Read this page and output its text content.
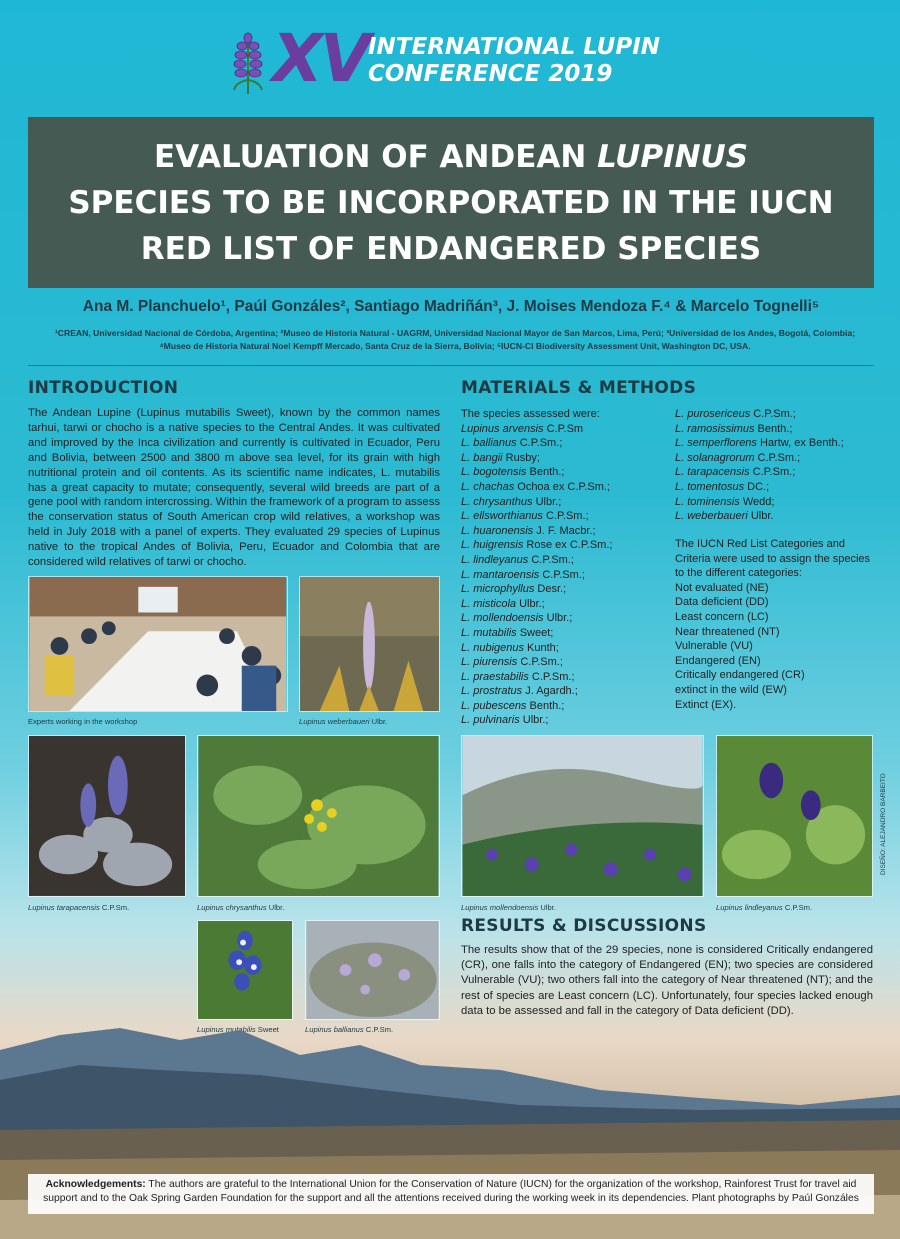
XV INTERNATIONAL LUPIN
CONFERENCE 2019
EVALUATION OF ANDEAN LUPINUS
SPECIES TO BE INCORPORATED IN THE IUCN
RED LIST OF ENDANGERED SPECIES
Ana M. Planchuelo¹, Paúl Gonzáles², Santiago Madriñán³, J. Moises Mendoza F.⁴ & Marcelo Tognelli⁵
¹CREAN, Universidad Nacional de Córdoba, Argentina; ²Museo de Historia Natural - UAGRM, Universidad Nacional Mayor de San Marcos, Lima, Perú; ³Universidad de los Andes, Bogotá, Colombia; ⁴Museo de Historia Natural Noel Kempff Mercado, Santa Cruz de la Sierra, Bolivia; ⁵IUCN-CI Biodiversity Assessment Unit, Washington DC, USA.
INTRODUCTION
The Andean Lupine (Lupinus mutabilis Sweet), known by the common names tarhui, tarwi or chocho is a native species to the Central Andes. It was cultivated and improved by the Inca civilization and currently is cultivated in Ecuador, Peru and Bolivia, between 2500 and 3800 m above sea level, for its grain with high nutritional protein and oil contents. As its scientific name indicates, L. mutabilis has a great capacity to mutate; consequently, several wild breeds are part of a gene pool with random intercrossing. Within the framework of a program to assess the conservation status of South American crop wild relatives, a workshop was held in July 2018 with a panel of experts. They evaluated 29 species of Lupinus native to the tropical Andes of Bolivia, Peru, Ecuador and Colombia that are considered wild relatives of tarwi or chocho.
MATERIALS & METHODS
The species assessed were:
Lupinus arvensis C.P.Sm
L. ballianus C.P.Sm.;
L. bangii Rusby;
L. bogotensis Benth.;
L. chachas Ochoa ex C.P.Sm.;
L. chrysanthus Ulbr.;
L. ellsworthianus C.P.Sm.;
L. huaronensis J. F. Macbr.;
L. huigrensis Rose ex C.P.Sm.;
L. lindleyanus C.P.Sm.;
L. mantaroensis C.P.Sm.;
L. microphyllus Desr.;
L. misticola Ulbr.;
L. mollendoensis Ulbr.;
L. mutabilis Sweet;
L. nubigenus Kunth;
L. piurensis C.P.Sm.;
L. praestabilis C.P.Sm.;
L. prostratus J. Agardh.;
L. pubescens Benth.;
L. pulvinaris Ulbr.;
L. purosericeus C.P.Sm.;
L. ramosissimus Benth.;
L. semperflorens Hartw, ex Benth.;
L. solanagrorum C.P.Sm.;
L. tarapacensis C.P.Sm.;
L. tomentosus DC.;
L. tominensis Wedd;
L. weberbaueri Ulbr.
The IUCN Red List Categories and Criteria were used to assign the species to the different categories:
Not evaluated (NE)
Data deficient (DD)
Least concern (LC)
Near threatened (NT)
Vulnerable (VU)
Endangered (EN)
Critically endangered (CR)
extinct in the wild (EW)
Extinct (EX).
Experts working in the workshop	Lupinus weberbaueri Ulbr.
Lupinus tarapacensis C.P.Sm.	Lupinus chrysanthus Ulbr.	Lupinus mollendoensis Ulbr.	Lupinus lindleyanus C.P.Sm.
Lupinus mutabilis Sweet	Lupinus ballianus C.P.Sm.
RESULTS & DISCUSSIONS
The results show that of the 29 species, none is considered Critically endangered (CR), one falls into the category of Endangered (EN); two species are considered Vulnerable (VU); two others fall into the category of Near threatened (NT); and the rest of species are Least concern (LC). Unfortunately, four species lacked enough data to be assessed and fall in the category of Data deficient (DD).
Acknowledgements: The authors are grateful to the International Union for the Conservation of Nature (IUCN) for the organization of the workshop, Rainforest Trust for travel aid support and to the Oak Spring Garden Foundation for the support and all the attentions received during the working week in its dependencies. Plant photographs by Paúl Gonzáles
DISEÑO: ALEJANDRO BARBEITO
